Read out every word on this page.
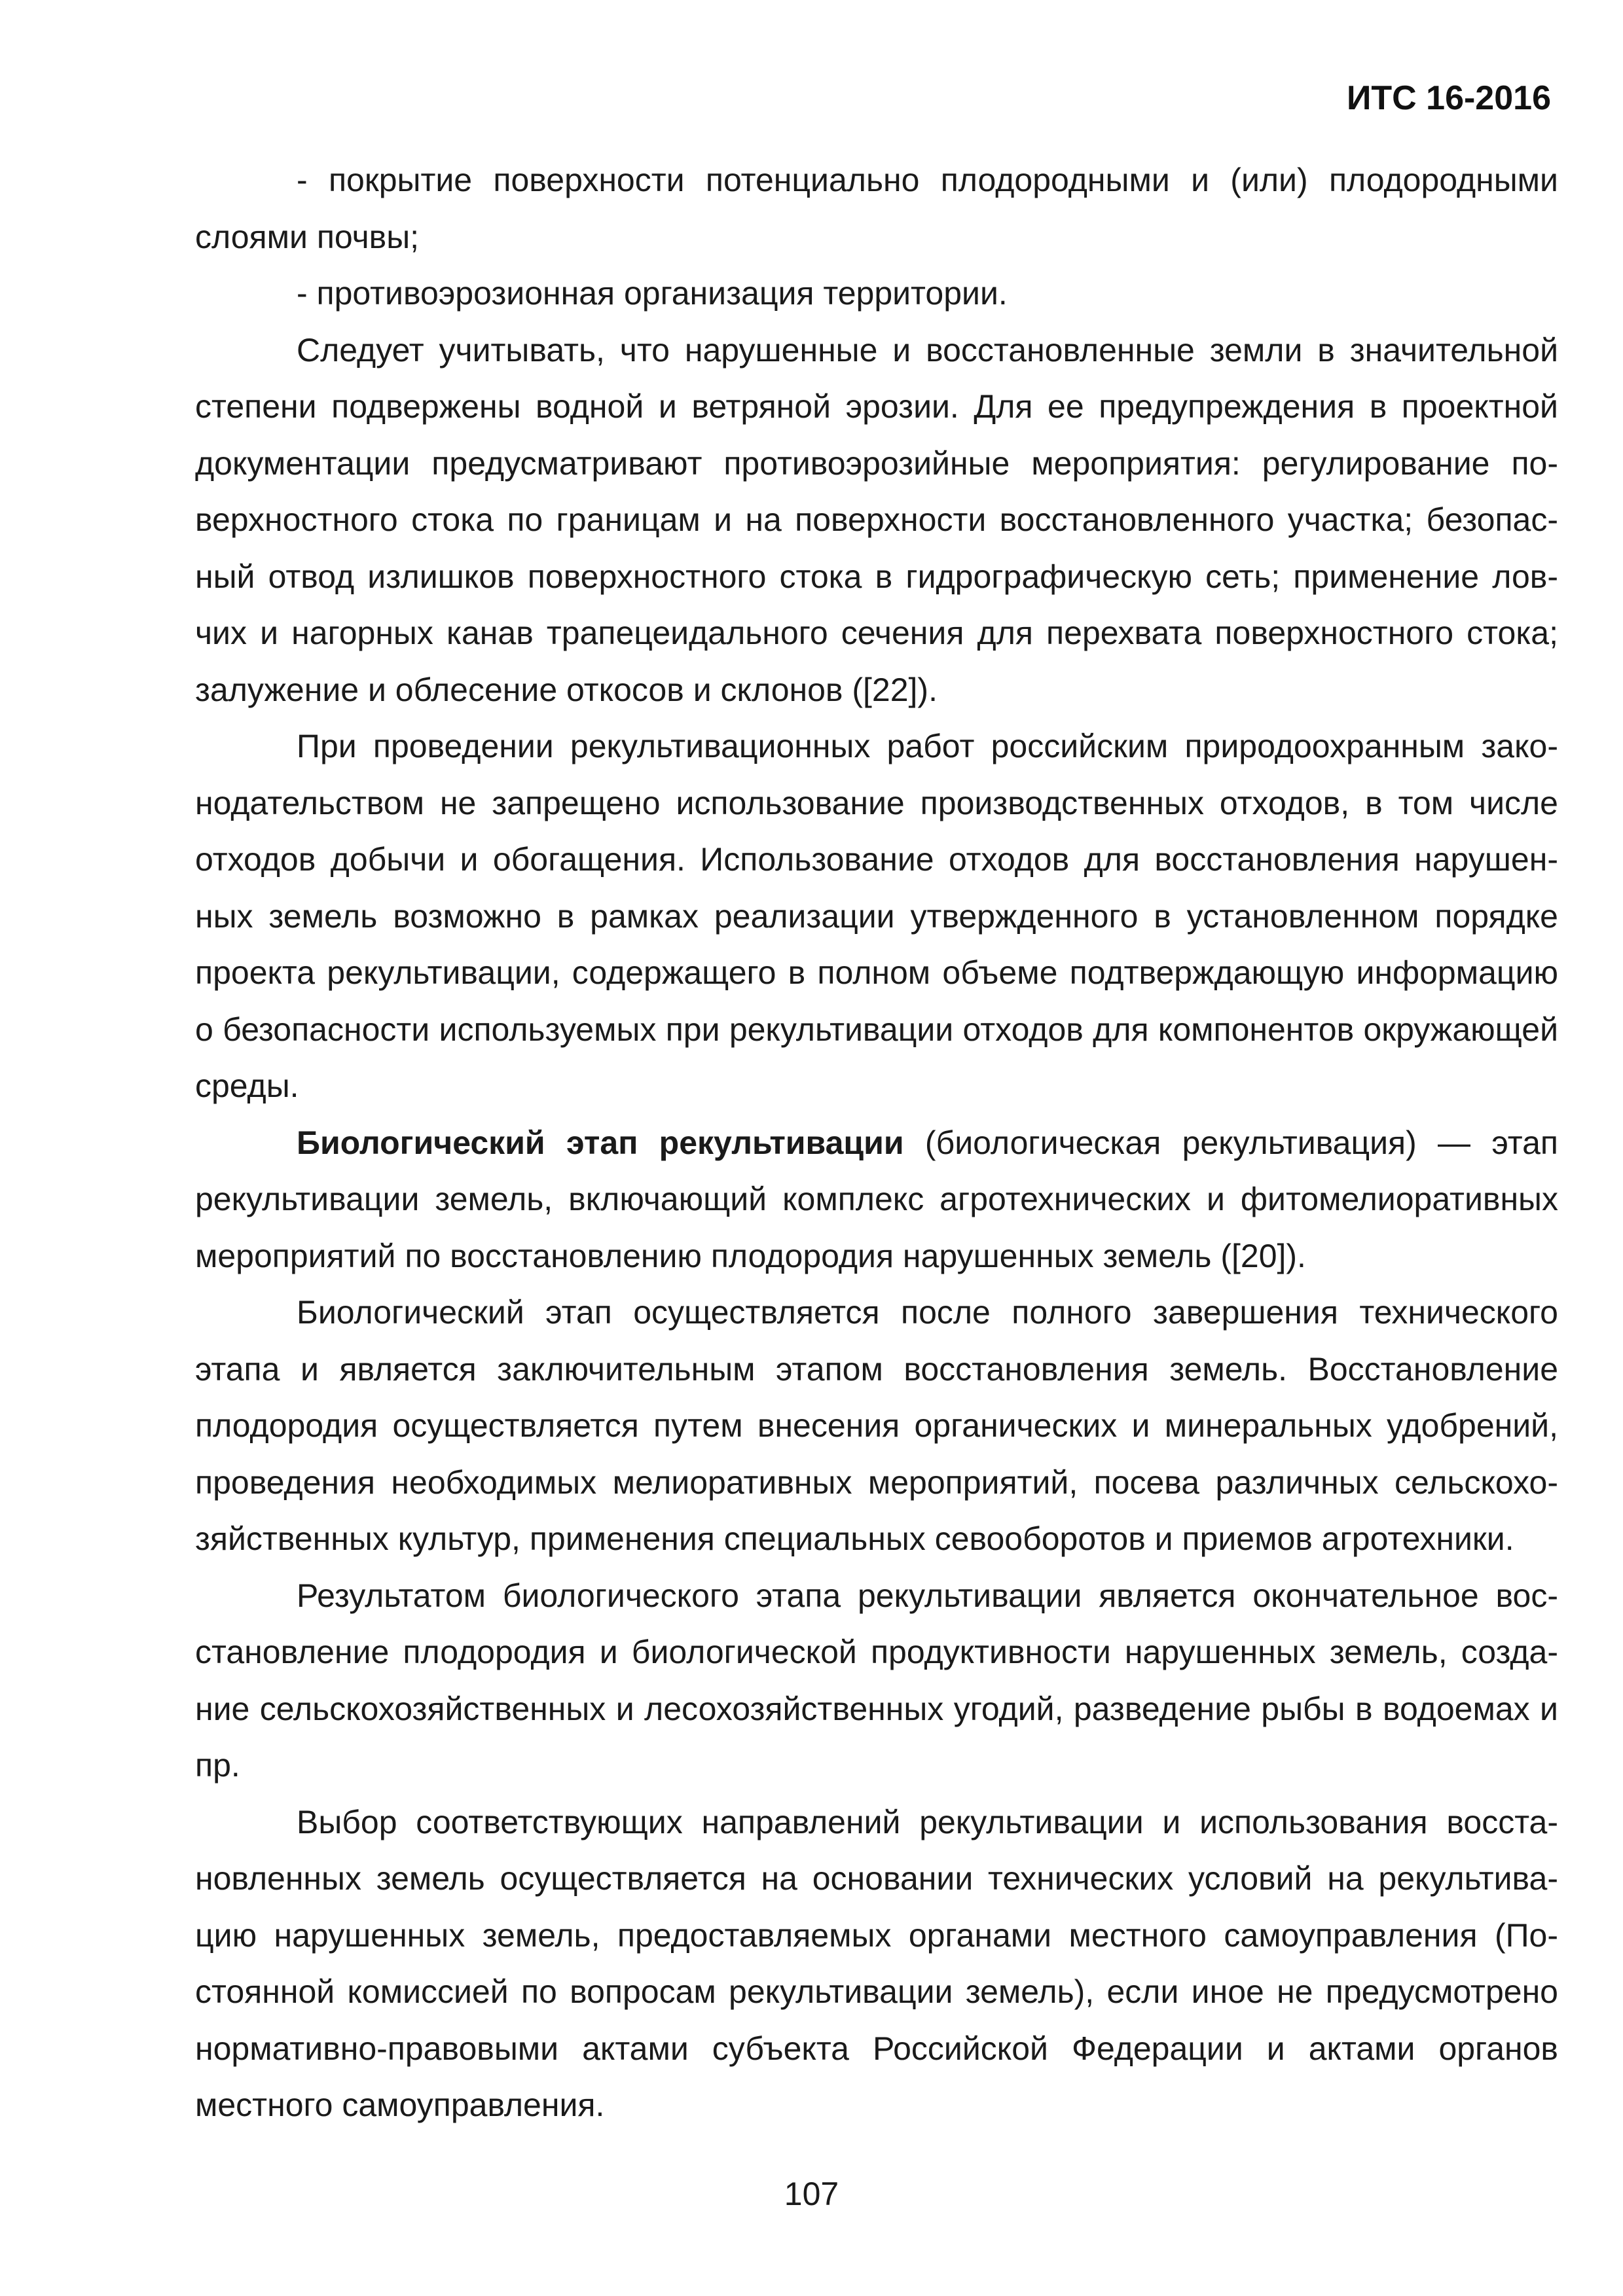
ИТС 16-2016

- покрытие поверхности потенциально плодородными и (или) плодородными слоями почвы;

- противоэрозионная организация территории.

Следует учитывать, что нарушенные и восстановленные земли в значительной степени подвержены водной и ветряной эрозии. Для ее предупреждения в проектной документации предусматривают противоэрозийные мероприятия: регулирование поверхностного стока по границам и на поверхности восстановленного участка; безопасный отвод излишков поверхностного стока в гидрографическую сеть; применение ловчих и нагорных канав трапецеидального сечения для перехвата поверхностного стока; залужение и облесение откосов и склонов ([22]).

При проведении рекультивационных работ российским природоохранным законодательством не запрещено использование производственных отходов, в том числе отходов добычи и обогащения. Использование отходов для восстановления нарушенных земель возможно в рамках реализации утвержденного в установленном порядке проекта рекультивации, содержащего в полном объеме подтверждающую информацию о безопасности используемых при рекультивации отходов для компонентов окружающей среды.

Биологический этап рекультивации (биологическая рекультивация) — этап рекультивации земель, включающий комплекс агротехнических и фитомелиоративных мероприятий по восстановлению плодородия нарушенных земель ([20]).

Биологический этап осуществляется после полного завершения технического этапа и является заключительным этапом восстановления земель. Восстановление плодородия осуществляется путем внесения органических и минеральных удобрений, проведения необходимых мелиоративных мероприятий, посева различных сельскохозяйственных культур, применения специальных севооборотов и приемов агротехники.

Результатом биологического этапа рекультивации является окончательное восстановление плодородия и биологической продуктивности нарушенных земель, создание сельскохозяйственных и лесохозяйственных угодий, разведение рыбы в водоемах и пр.

Выбор соответствующих направлений рекультивации и использования восстановленных земель осуществляется на основании технических условий на рекультивацию нарушенных земель, предоставляемых органами местного самоуправления (Постоянной комиссией по вопросам рекультивации земель), если иное не предусмотрено нормативно-правовыми актами субъекта Российской Федерации и актами органов местного самоуправления.

107
